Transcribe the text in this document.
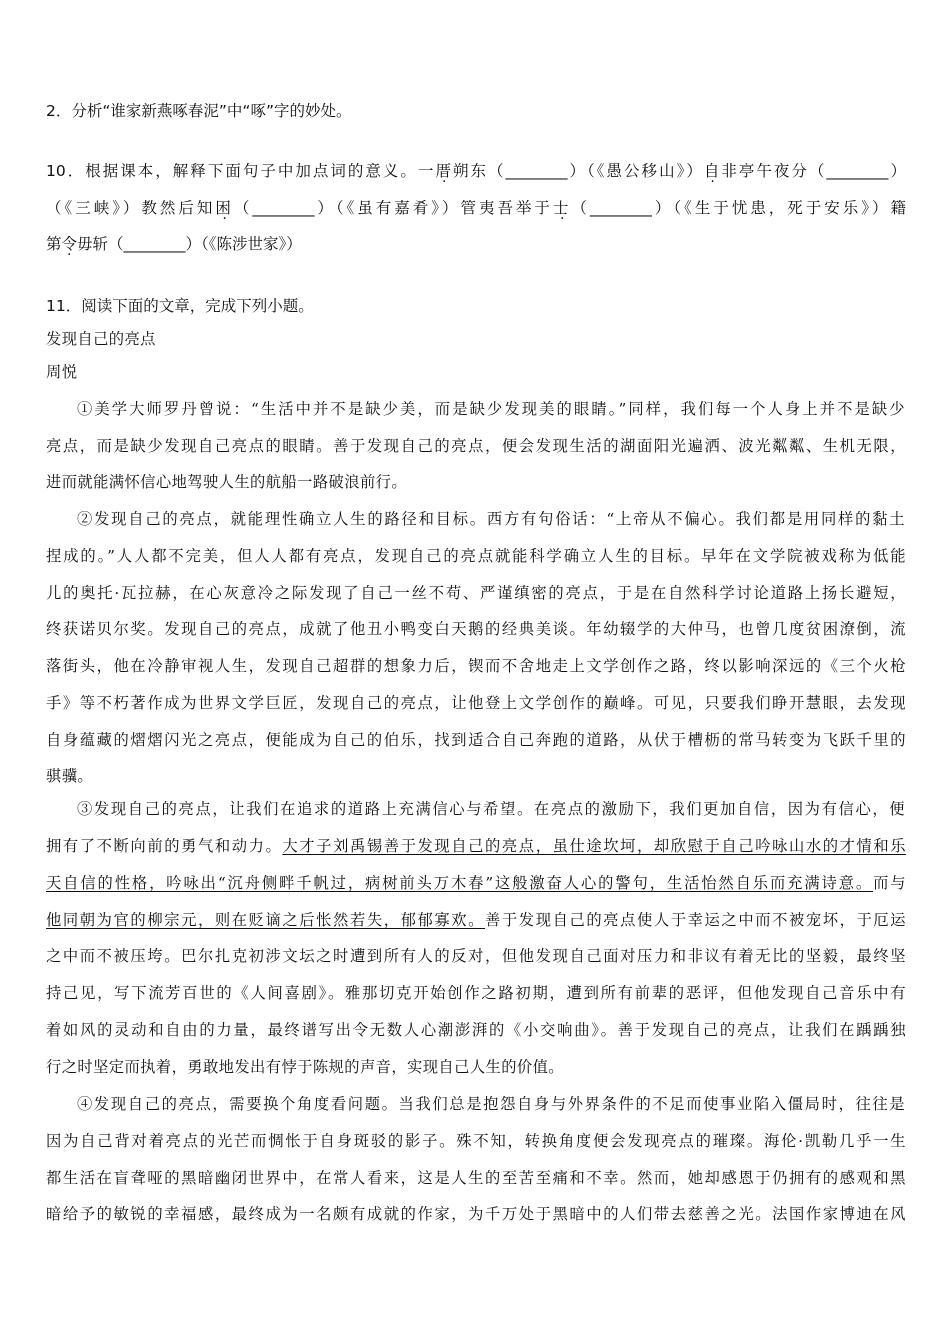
2．分析“谁家新燕啄春泥”中“啄”字的妙处。
10．根据课本，解释下面句子中加点词的意义。一厝朔东（________）（《愚公移山》）自非亭午夜分（________）
（《三峡》）教然后知困（________）（《虽有嘉肴》）管夷吾举于士（________）（《生于忧患，死于安乐》）籍
第令毋斩（________）（《陈涉世家》）
11．阅读下面的文章，完成下列小题。
发现自己的亮点
周悦
①美学大师罗丹曾说：“生活中并不是缺少美，而是缺少发现美的眼睛。”同样，我们每一个人身上并不是缺少
亮点，而是缺少发现自己亮点的眼睛。善于发现自己的亮点，便会发现生活的湖面阳光遍洒、波光粼粼、生机无限，
进而就能满怀信心地驾驶人生的航船一路破浪前行。
②发现自己的亮点，就能理性确立人生的路径和目标。西方有句俗话：“上帝从不偏心。我们都是用同样的黏土
捏成的。”人人都不完美，但人人都有亮点，发现自己的亮点就能科学确立人生的目标。早年在文学院被戏称为低能
儿的奥托·瓦拉赫，在心灰意冷之际发现了自己一丝不苟、严谨缜密的亮点，于是在自然科学讨论道路上扬长避短，
终获诺贝尔奖。发现自己的亮点，成就了他丑小鸭变白天鹅的经典美谈。年幼辍学的大仲马，也曾几度贫困潦倒，流
落街头，他在冷静审视人生，发现自己超群的想象力后，锲而不舍地走上文学创作之路，终以影响深远的《三个火枪
手》等不朽著作成为世界文学巨匠，发现自己的亮点，让他登上文学创作的巅峰。可见，只要我们睁开慧眼，去发现
自身蕴藏的熠熠闪光之亮点，便能成为自己的伯乐，找到适合自己奔跑的道路，从伏于槽枥的常马转变为飞跃千里的
骐骥。
③发现自己的亮点，让我们在追求的道路上充满信心与希望。在亮点的激励下，我们更加自信，因为有信心，便
拥有了不断向前的勇气和动力。大才子刘禹锡善于发现自己的亮点，虽仕途坎坷，却欣慰于自己吟咏山水的才情和乐
天自信的性格，吟咏出“沉舟侧畔千帆过，病树前头万木春”这般激奋人心的警句，生活怡然自乐而充满诗意。而与
他同朝为官的柳宗元，则在贬谪之后怅然若失，郁郁寡欢。善于发现自己的亮点使人于幸运之中而不被宠坏，于厄运
之中而不被压垮。巴尔扎克初涉文坛之时遭到所有人的反对，但他发现自己面对压力和非议有着无比的坚毅，最终坚
持己见，写下流芳百世的《人间喜剧》。雅那切克开始创作之路初期，遭到所有前辈的恶评，但他发现自己音乐中有
着如风的灵动和自由的力量，最终谱写出令无数人心潮澎湃的《小交响曲》。善于发现自己的亮点，让我们在踽踽独
行之时坚定而执着，勇敢地发出有悖于陈规的声音，实现自己人生的价值。
④发现自己的亮点，需要换个角度看问题。当我们总是抱怨自身与外界条件的不足而使事业陷入僵局时，往往是
因为自己背对着亮点的光芒而惆怅于自身斑驳的影子。殊不知，转换角度便会发现亮点的璀璨。海伦·凯勒几乎一生
都生活在盲聋哑的黑暗幽闭世界中，在常人看来，这是人生的至苦至痛和不幸。然而，她却感恩于仍拥有的感观和黑
暗给予的敏锐的幸福感，最终成为一名颇有成就的作家，为千万处于黑暗中的人们带去慈善之光。法国作家博迪在风
